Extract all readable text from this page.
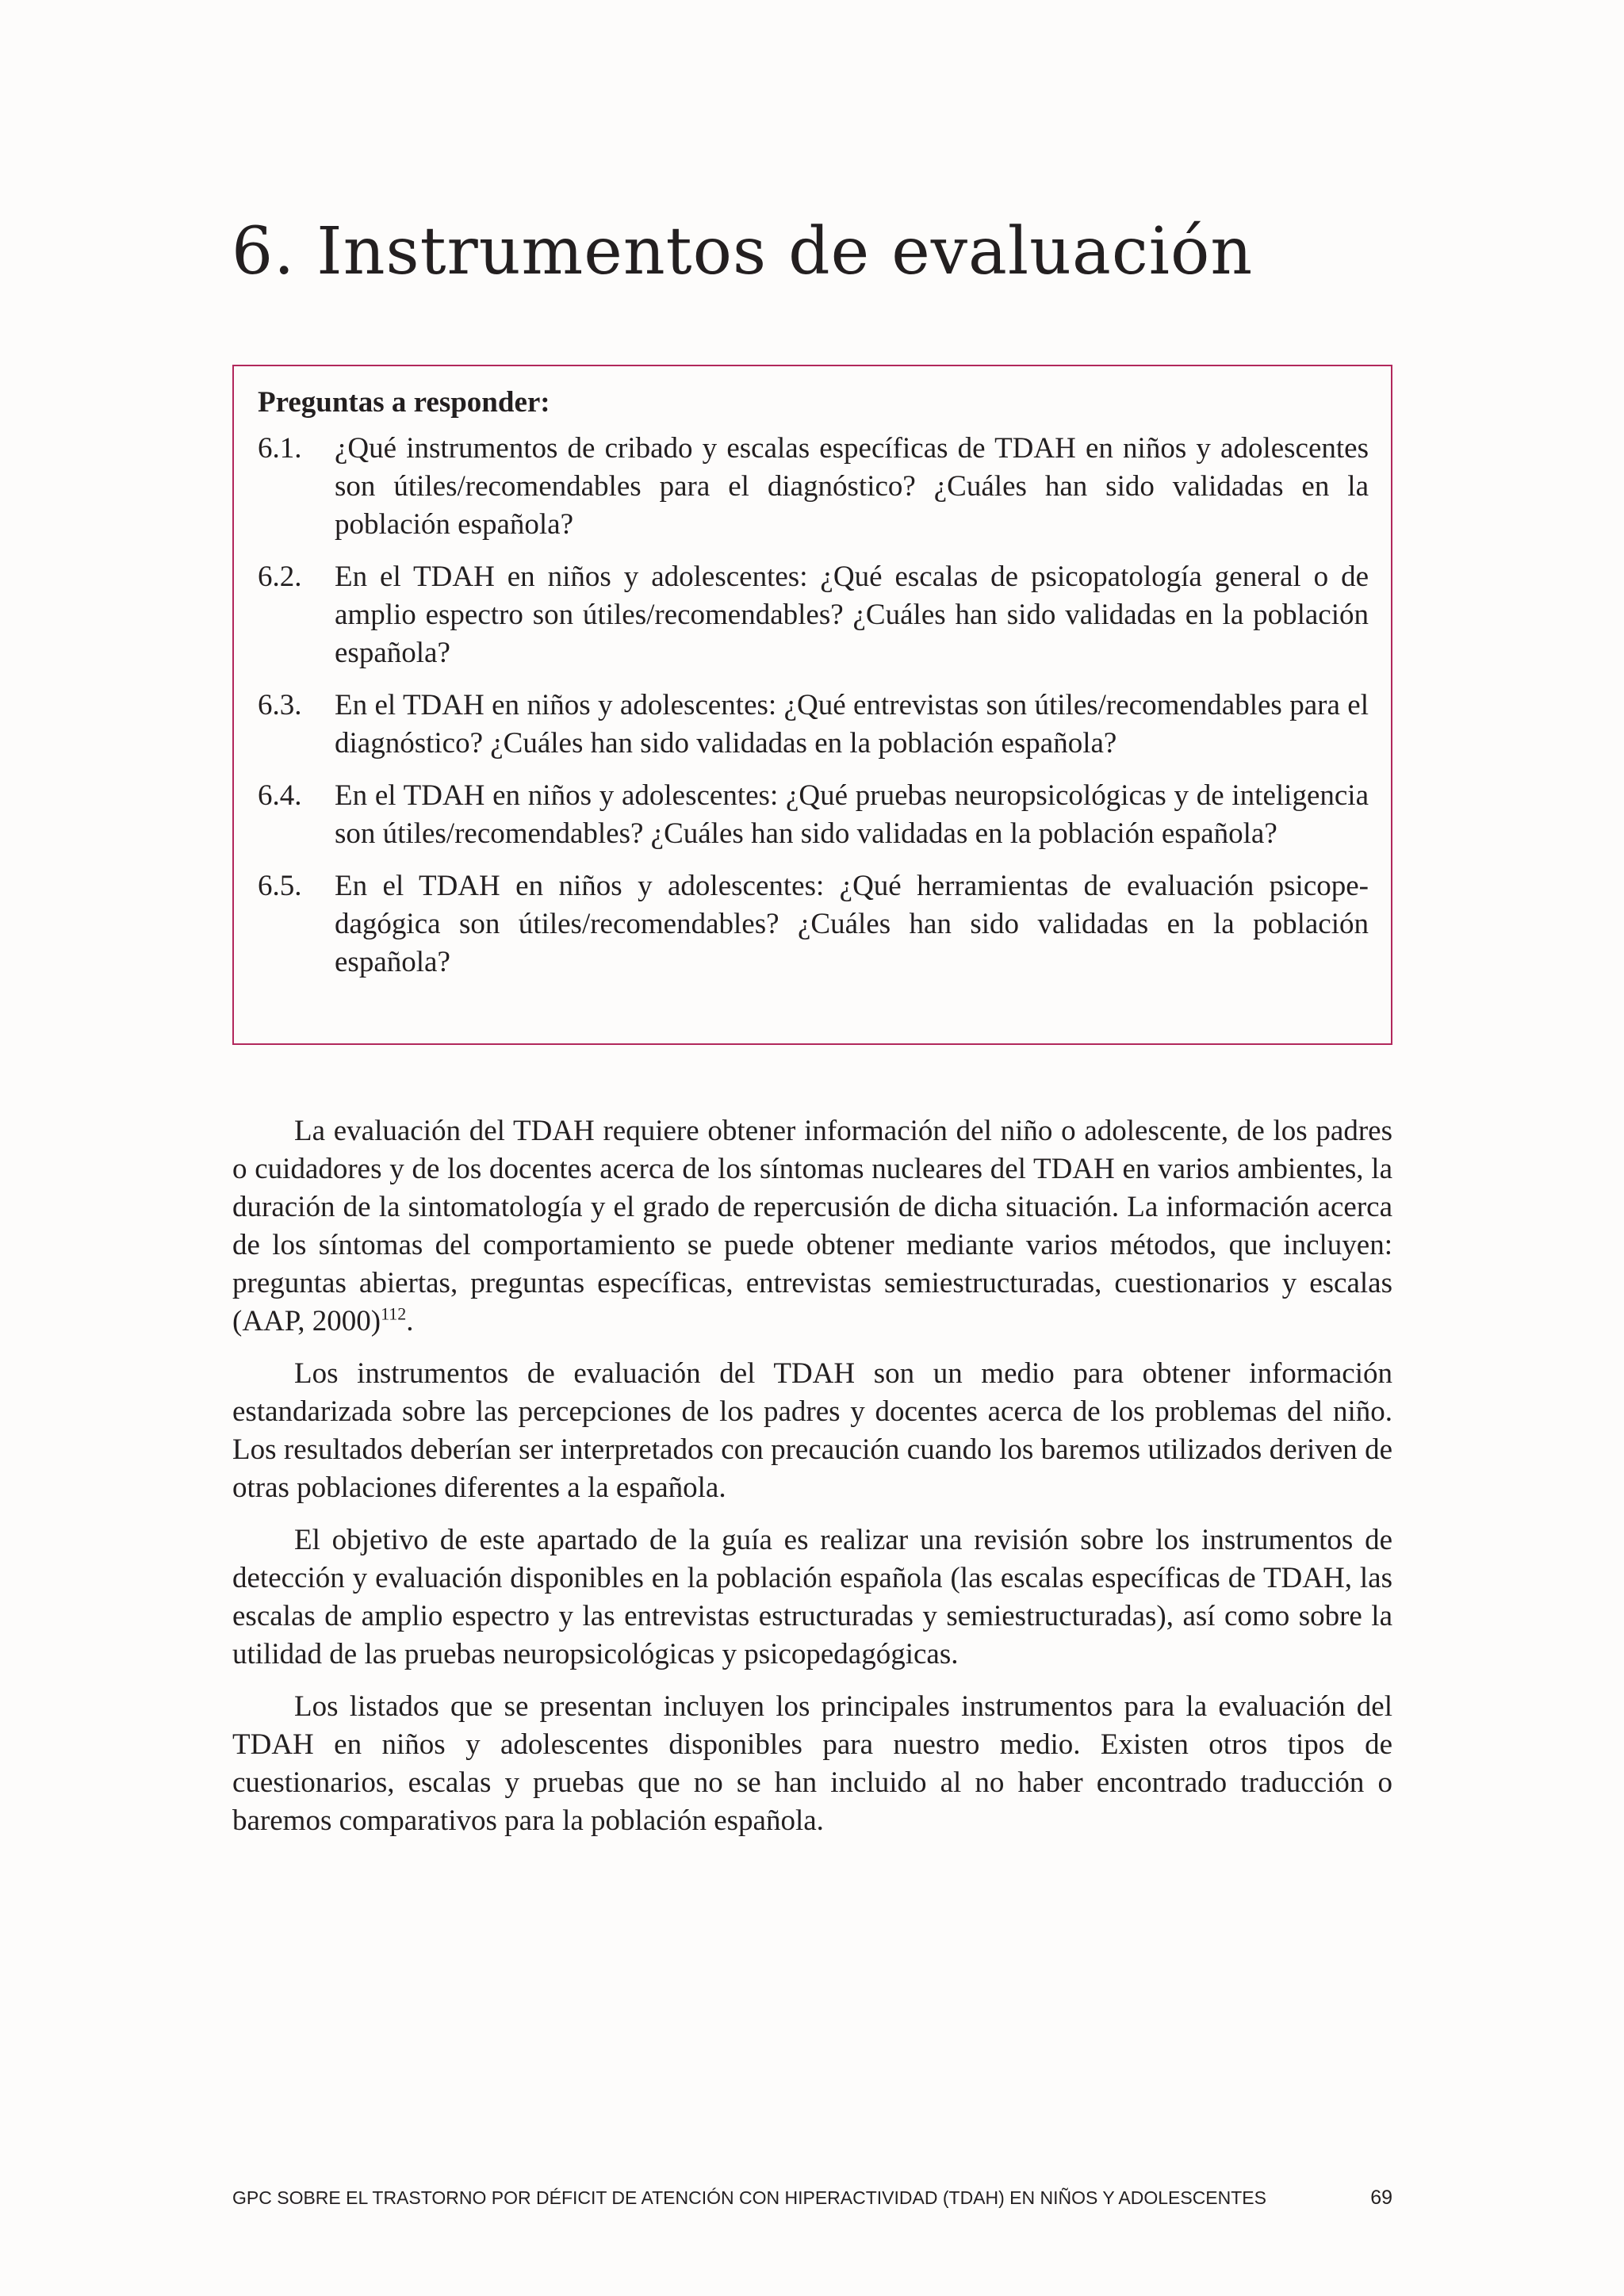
6. Instrumentos de evaluación
Preguntas a responder:
6.1.	¿Qué instrumentos de cribado y escalas específicas de TDAH en niños y adolescentes son útiles/recomendables para el diagnóstico? ¿Cuáles han sido validadas en la población española?
6.2.	En el TDAH en niños y adolescentes: ¿Qué escalas de psicopatología general o de amplio espectro son útiles/recomendables? ¿Cuáles han sido validadas en la población española?
6.3.	En el TDAH en niños y adolescentes: ¿Qué entrevistas son útiles/recomendables para el diagnóstico? ¿Cuáles han sido validadas en la población española?
6.4.	En el TDAH en niños y adolescentes: ¿Qué pruebas neuropsicológicas y de inteligencia son útiles/recomendables? ¿Cuáles han sido validadas en la población española?
6.5.	En el TDAH en niños y adolescentes: ¿Qué herramientas de evaluación psicopedagógica son útiles/recomendables? ¿Cuáles han sido validadas en la población española?

La evaluación del TDAH requiere obtener información del niño o adolescente, de los padres o cuidadores y de los docentes acerca de los síntomas nucleares del TDAH en varios ambientes, la duración de la sintomatología y el grado de repercusión de dicha situación. La información acerca de los síntomas del comportamiento se puede obtener mediante varios métodos, que incluyen: preguntas abiertas, preguntas específicas, entrevistas semiestructuradas, cuestionarios y escalas (AAP, 2000)$^{112}$.

Los instrumentos de evaluación del TDAH son un medio para obtener información estandarizada sobre las percepciones de los padres y docentes acerca de los problemas del niño. Los resultados deberían ser interpretados con precaución cuando los baremos utilizados deriven de otras poblaciones diferentes a la española.

El objetivo de este apartado de la guía es realizar una revisión sobre los instrumentos de detección y evaluación disponibles en la población española (las escalas específicas de TDAH, las escalas de amplio espectro y las entrevistas estructuradas y semiestructuradas), así como sobre la utilidad de las pruebas neuropsicológicas y psicopedagógicas.

Los listados que se presentan incluyen los principales instrumentos para la evaluación del TDAH en niños y adolescentes disponibles para nuestro medio. Existen otros tipos de cuestionarios, escalas y pruebas que no se han incluido al no haber encontrado traducción o baremos comparativos para la población española.

GPC SOBRE EL TRASTORNO POR DÉFICIT DE ATENCIÓN CON HIPERACTIVIDAD (TDAH) EN NIÑOS Y ADOLESCENTES	69
